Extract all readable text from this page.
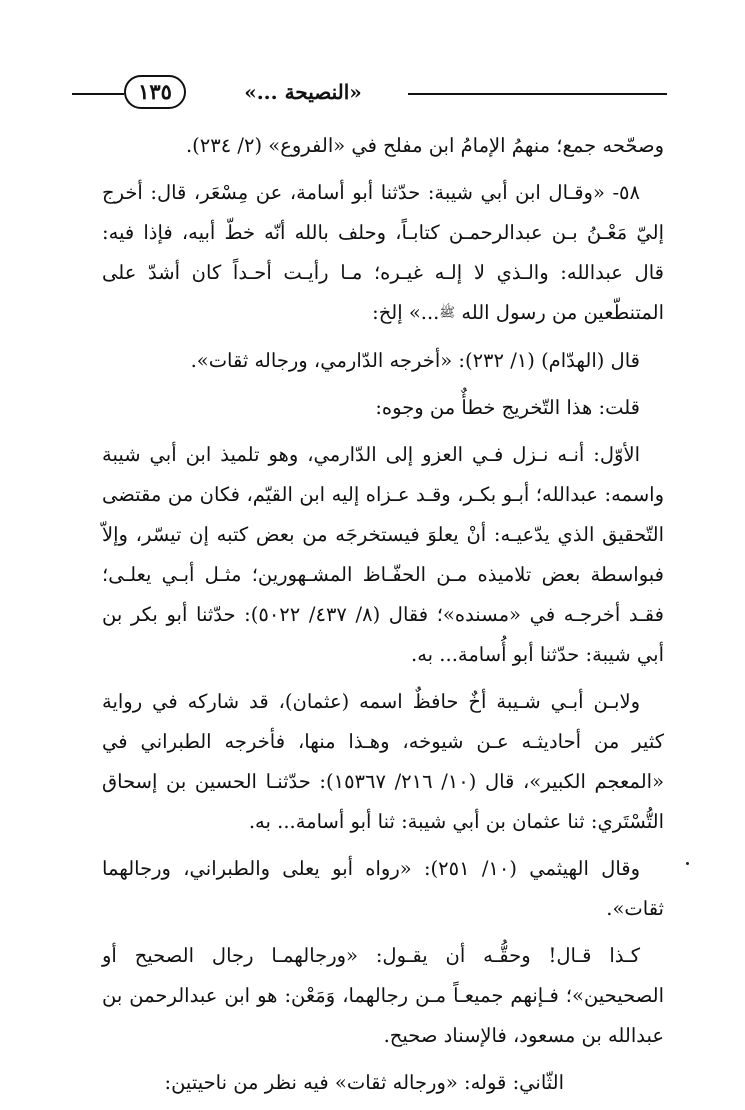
١٣٥	«النصيحة ...»

وصحّحه جمع؛ منهمُ الإمامُ ابن مفلح في «الفروع» (٢/ ٢٣٤).

٥٨- «وقـال ابن أبي شيبة: حدّثنا أبو أسامة، عن مِسْعَر، قال: أخرج إليّ مَعْـنُ بـن عبدالرحمـن كتابـاً، وحلف بالله أنّه خطّ أبيه، فإذا فيه: قال عبدالله: والـذي لا إلـه غيـره؛ مـا رأيـت أحـداً كان أشدّ على المتنطّعين من رسول الله ﷺ...» إلخ:

قال (الهدّام) (١/ ٢٣٢): «أخرجه الدّارمي، ورجاله ثقات».

قلت: هذا التّخريج خطأٌ من وجوه:

الأوّل: أنـه نـزل فـي العزو إلى الدّارمي، وهو تلميذ ابن أبي شيبة واسمه: عبدالله؛ أبـو بكـر، وقـد عـزاه إليه ابن القيّم، فكان من مقتضى التّحقيق الذي يدّعيـه: أنْ يعلوَ فيستخرجَه من بعض كتبه إن تيسّر، وإلاّ فبواسطة بعض تلاميذه مـن الحفّـاظ المشـهورين؛ مثـل أبـي يعلـى؛ فقـد أخرجـه في «مسنده»؛ فقال (٨/ ٤٣٧/ ٥٠٢٢): حدّثنا أبو بكر بن أبي شيبة: حدّثنا أبو أُسامة... به.

ولابـن أبـي شـيبة أخٌ حافظٌ اسمه (عثمان)، قد شاركه في رواية كثير من أحاديثـه عـن شيوخه، وهـذا منها، فأخرجه الطبراني في «المعجم الكبير»، قال (١٠/ ٢١٦/ ١٥٣٦٧): حدّثنـا الحسين بن إسحاق التُّسْتَري: ثنا عثمان بن أبي شيبة: ثنا أبو أسامة... به.

وقال الهيثمي (١٠/ ٢٥١): «رواه أبو يعلى والطبراني، ورجالهما ثقات».

كـذا قـال! وحقُّـه أن يقـول: «ورجالهمـا رجال الصحيح أو الصحيحين»؛ فـإنهم جميعـاً مـن رجالهما، وَمَعْن: هو ابن عبدالرحمن بن عبدالله بن مسعود، فالإسناد صحيح.

الثّاني: قوله: «ورجاله ثقات» فيه نظر من ناحيتين:
